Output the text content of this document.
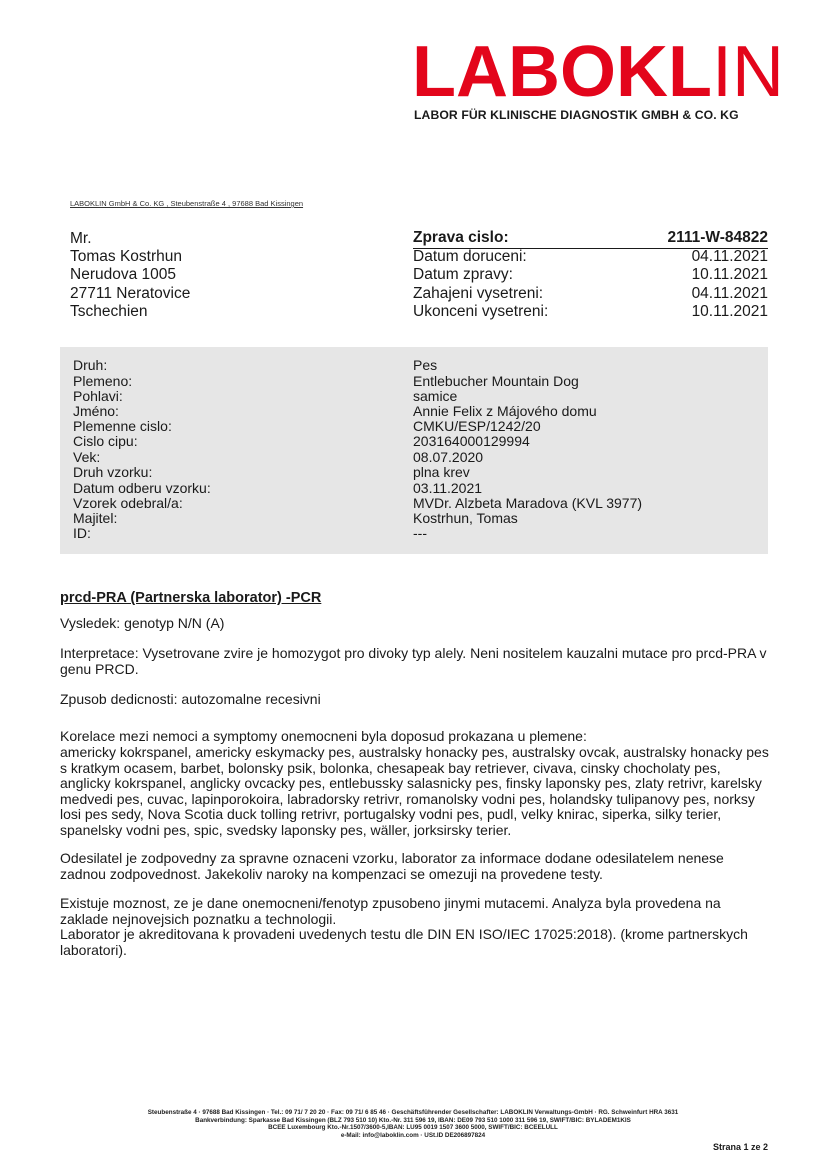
LABOKLIN
LABOR FÜR KLINISCHE DIAGNOSTIK GMBH & CO. KG
LABOKLIN GmbH & Co. KG , Steubenstraße 4 , 97688 Bad Kissingen
Mr.
Tomas Kostrhun
Nerudova 1005
27711 Neratovice
Tschechien
Zprava cislo:	2111-W-84822
Datum doruceni:	04.11.2021
Datum zpravy:	10.11.2021
Zahajeni vysetreni:	04.11.2021
Ukonceni vysetreni:	10.11.2021
Druh:	Pes
Plemeno:	Entlebucher Mountain Dog
Pohlavi:	samice
Jméno:	Annie Felix z Májového domu
Plemenne cislo:	CMKU/ESP/1242/20
Cislo cipu:	203164000129994
Vek:	08.07.2020
Druh vzorku:	plna krev
Datum odberu vzorku:	03.11.2021
Vzorek odebral/a:	MVDr. Alzbeta Maradova (KVL 3977)
Majitel:	Kostrhun, Tomas
ID:	---
prcd-PRA (Partnerska laborator) -PCR
Vysledek: genotyp N/N (A)
Interpretace: Vysetrovane zvire je homozygot pro divoky typ alely. Neni nositelem kauzalni mutace pro prcd-PRA v genu PRCD.
Zpusob dedicnosti: autozomalne recesivni
Korelace mezi nemoci a symptomy onemocneni byla doposud prokazana u plemene:
americky kokrspanel, americky eskymacky pes, australsky honacky pes, australsky ovcak, australsky honacky pes s kratkym ocasem, barbet, bolonsky psik, bolonka, chesapeak bay retriever, civava, cinsky chocholaty pes, anglicky kokrspanel, anglicky ovcacky pes, entlebussky salasnicky pes, finsky laponsky pes, zlaty retrivr, karelsky medvedi pes, cuvac, lapinporokoira, labradorsky retrivr, romanolsky vodni pes, holandsky tulipanovy pes, norksy losi pes sedy, Nova Scotia duck tolling retrivr, portugalsky vodni pes, pudl, velky knirac, siperka, silky terier, spanelsky vodni pes, spic, svedsky laponsky pes, wäller, jorksirsky terier.
Odesilatel je zodpovedny za spravne oznaceni vzorku, laborator za informace dodane odesilatelem nenese zadnou zodpovednost. Jakekoliv naroky na kompenzaci se omezuji na provedene testy.
Existuje moznost, ze je dane onemocneni/fenotyp zpusobeno jinymi mutacemi. Analyza byla provedena na zaklade nejnovejsich poznatku a technologii.
Laborator je akreditovana k provadeni uvedenych testu dle DIN EN ISO/IEC 17025:2018). (krome partnerskych laboratori).
Steubenstraße 4 · 97688 Bad Kissingen · Tel.: 09 71/ 7 20 20 · Fax: 09 71/ 6 85 46 · Geschäftsführender Gesellschafter: LABOKLIN Verwaltungs-GmbH · RG. Schweinfurt HRA 3631
Bankverbindung: Sparkasse Bad Kissingen (BLZ 793 510 10) Kto.-Nr. 311 596 19, IBAN: DE09 793 510 1000 311 596 19, SWIFT/BIC: BYLADEM1KIS
BCEE Luxembourg Kto.-Nr.1507/3600-5,IBAN: LU95 0019 1507 3600 5000, SWIFT/BIC: BCEELULL
e-Mail: info@laboklin.com · USt.ID DE206897824
Strana 1 ze 2
